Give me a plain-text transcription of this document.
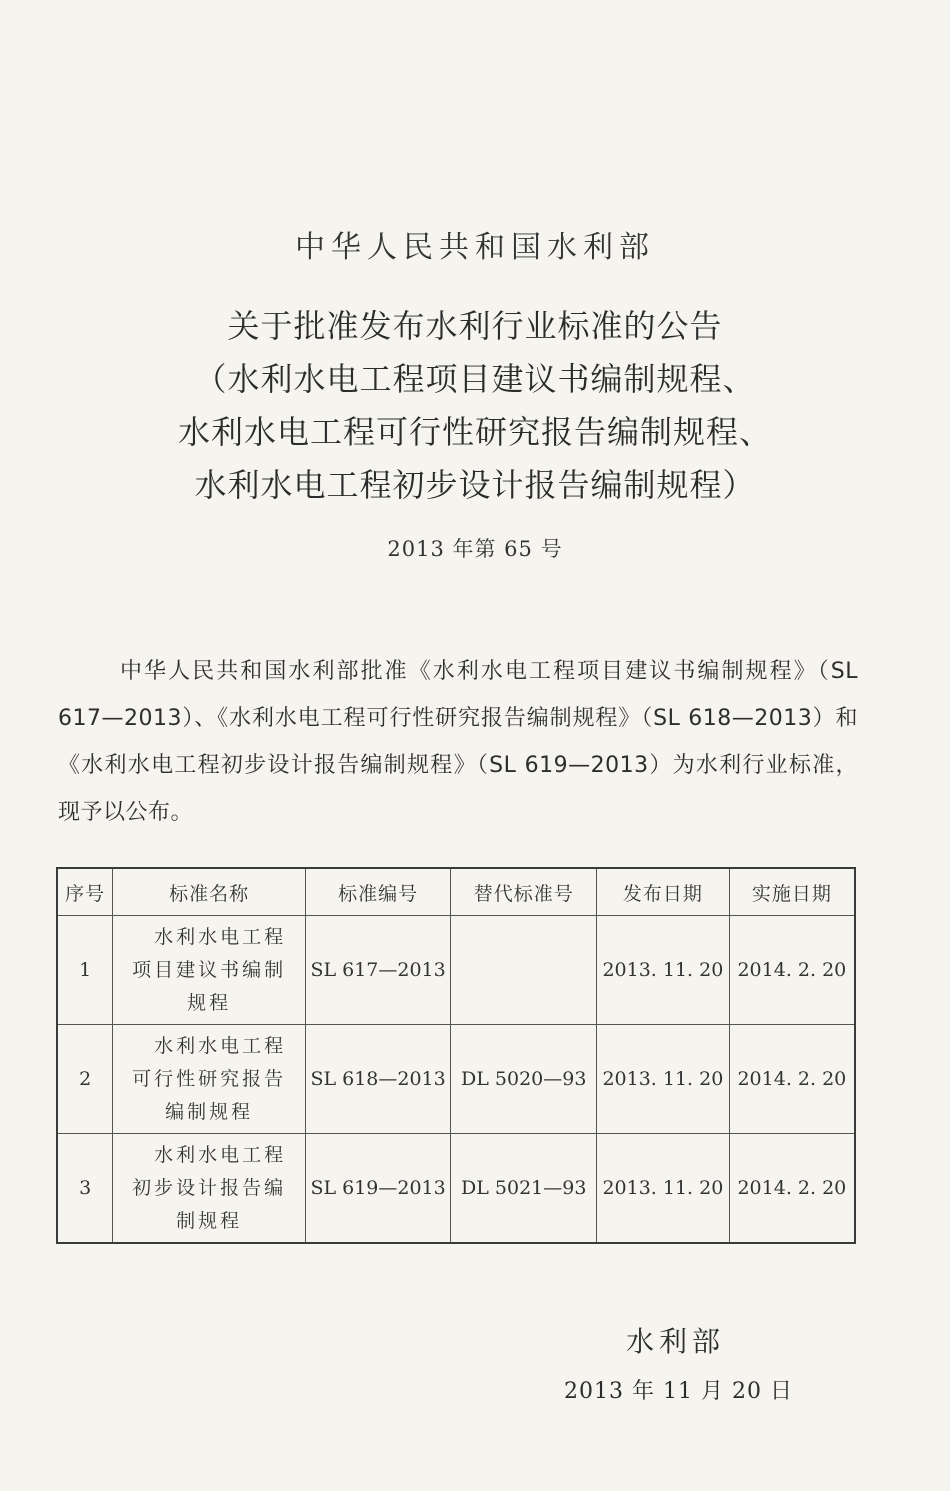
中华人民共和国水利部
关于批准发布水利行业标准的公告
（水利水电工程项目建议书编制规程、
水利水电工程可行性研究报告编制规程、
水利水电工程初步设计报告编制规程）
2013 年第 65 号
中华人民共和国水利部批准《水利水电工程项目建议书编制规程》（SL 617—2013）、《水利水电工程可行性研究报告编制规程》（SL 618—2013）和《水利水电工程初步设计报告编制规程》（SL 619—2013）为水利行业标准，现予以公布。
序号	标准名称	标准编号	替代标准号	发布日期	实施日期
1	水利水电工程
项目建议书编制
规程	SL 617—2013		2013. 11. 20	2014. 2. 20
2	水利水电工程
可行性研究报告
编制规程	SL 618—2013	DL 5020—93	2013. 11. 20	2014. 2. 20
3	水利水电工程
初步设计报告编
制规程	SL 619—2013	DL 5021—93	2013. 11. 20	2014. 2. 20
水利部
2013 年 11 月 20 日
